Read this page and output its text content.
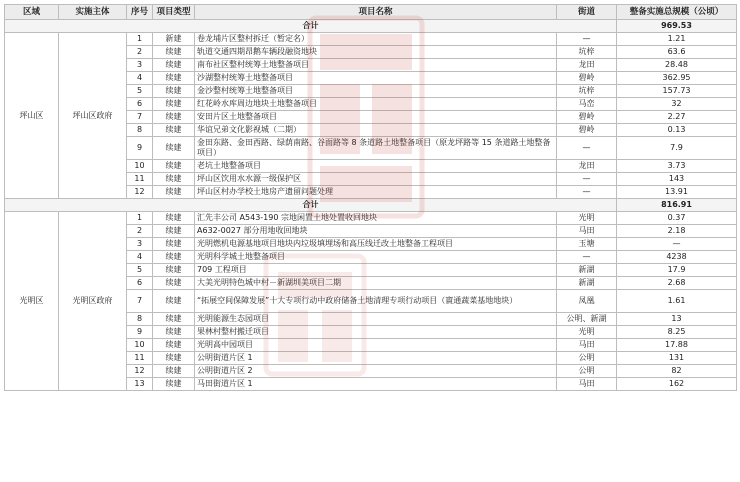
区域	实施主体	序号	项目类型	项目名称	街道	整备实施总规模（公顷）
合计						969.53
坪山区	坪山区政府	1	新建	卷龙埔片区整村拆迁（暂定名）	—	1.21
		2	续建	轨道交通四期昂鹅车辆段融资地块	坑梓	63.6
		3	续建	南布社区整村统筹土地整备项目	龙田	28.48
		4	续建	沙湖整村统筹土地整备项目	碧岭	362.95
		5	续建	金沙整村统筹土地整备项目	坑梓	157.73
		6	续建	红花岭水库周边地块土地整备项目	马峦	32
		7	续建	安田片区土地整备项目	碧岭	2.27
		8	续建	华谊兄弟文化影视城（二期）	碧岭	0.13
		9	续建	金田东路、金田西路、绿荫南路、谷面路等 8 条道路土地整备项目（原龙坪路等 15 条道路土地整备项目）	—	7.9
		10	续建	老坑土地整备项目	龙田	3.73
		11	续建	坪山区饮用水水源一级保护区	—	143
		12	续建	坪山区村办学校土地房产遗留问题处理	—	13.91
合计						816.91
光明区	光明区政府	1	续建	汇先丰公司 A543-190 宗地闲置土地处置收回地块	光明	0.37
		2	续建	A632-0027 部分用地收回地块	马田	2.18
		3	续建	光明燃机电源基地项目地块内垃圾填埋场和高压线迁改土地整备工程项目	玉塘	—
		4	续建	光明科学城土地整备项目	—	4238
		5	续建	709 工程项目	新湖	17.9
		6	续建	大美光明特色城中村－新湖圳美项目二期	新湖	2.68
		7	续建	“拓展空间保障发展”十大专项行动中政府储备土地清理专项行动项目（賨通蔬菜基地地块）	凤凰	1.61
		8	续建	光明能源生态园项目	公明、新湖	13
		9	续建	果林村整村搬迁项目	光明	8.25
		10	续建	光明高中园项目	马田	17.88
		11	续建	公明街道片区 1	公明	131
		12	续建	公明街道片区 2	公明	82
		13	续建	马田街道片区 1	马田	162
